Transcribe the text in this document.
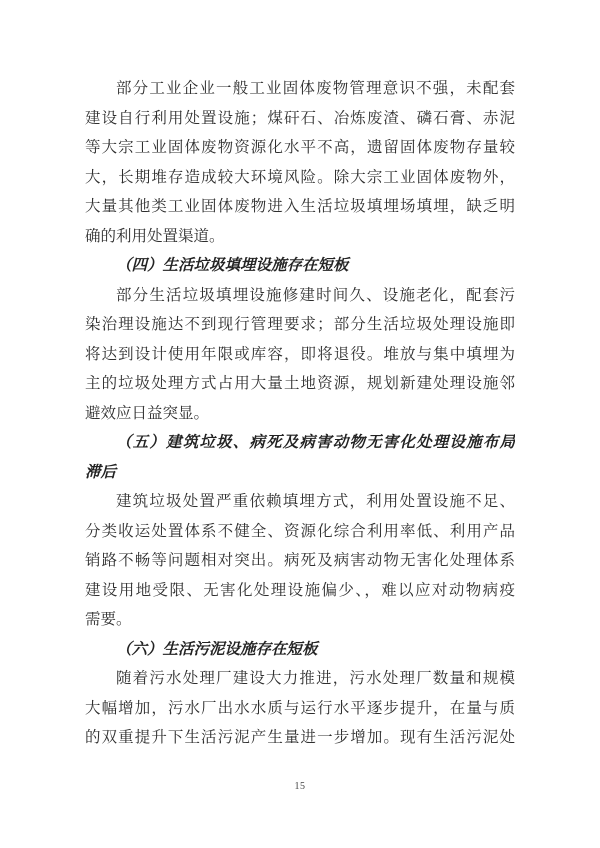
部分工业企业一般工业固体废物管理意识不强，未配套
建设自行利用处置设施；煤矸石、冶炼废渣、磷石膏、赤泥
等大宗工业固体废物资源化水平不高，遗留固体废物存量较
大，长期堆存造成较大环境风险。除大宗工业固体废物外，
大量其他类工业固体废物进入生活垃圾填埋场填埋，缺乏明
确的利用处置渠道。
（四）生活垃圾填埋设施存在短板
部分生活垃圾填埋设施修建时间久、设施老化，配套污
染治理设施达不到现行管理要求；部分生活垃圾处理设施即
将达到设计使用年限或库容，即将退役。堆放与集中填埋为
主的垃圾处理方式占用大量土地资源，规划新建处理设施邻
避效应日益突显。
（五）建筑垃圾、病死及病害动物无害化处理设施布局
滞后
建筑垃圾处置严重依赖填埋方式，利用处置设施不足、
分类收运处置体系不健全、资源化综合利用率低、利用产品
销路不畅等问题相对突出。病死及病害动物无害化处理体系
建设用地受限、无害化处理设施偏少、，难以应对动物病疫
需要。
（六）生活污泥设施存在短板
随着污水处理厂建设大力推进，污水处理厂数量和规模
大幅增加，污水厂出水水质与运行水平逐步提升，在量与质
的双重提升下生活污泥产生量进一步增加。现有生活污泥处
15
